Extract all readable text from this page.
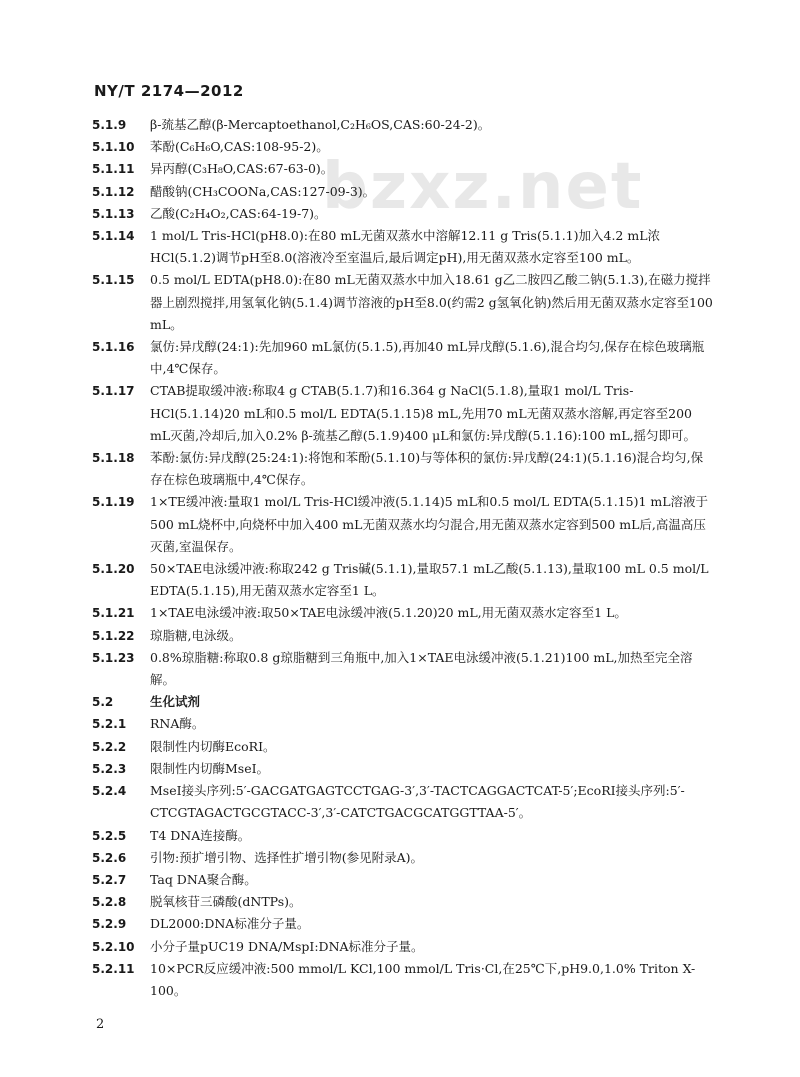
NY/T 2174—2012
bzxz.net
5.1.9	β-巯基乙醇(β-Mercaptoethanol,C₂H₆OS,CAS:60-24-2)。
5.1.10	苯酚(C₆H₆O,CAS:108-95-2)。
5.1.11	异丙醇(C₃H₈O,CAS:67-63-0)。
5.1.12	醋酸钠(CH₃COONa,CAS:127-09-3)。
5.1.13	乙酸(C₂H₄O₂,CAS:64-19-7)。
5.1.14	1 mol/L Tris-HCl(pH8.0):在80 mL无菌双蒸水中溶解12.11 g Tris(5.1.1)加入4.2 mL浓HCl(5.1.2)调节pH至8.0(溶液冷至室温后,最后调定pH),用无菌双蒸水定容至100 mL。
5.1.15	0.5 mol/L EDTA(pH8.0):在80 mL无菌双蒸水中加入18.61 g乙二胺四乙酸二钠(5.1.3),在磁力搅拌器上剧烈搅拌,用氢氧化钠(5.1.4)调节溶液的pH至8.0(约需2 g氢氧化钠)然后用无菌双蒸水定容至100 mL。
5.1.16	氯仿:异戊醇(24:1):先加960 mL氯仿(5.1.5),再加40 mL异戊醇(5.1.6),混合均匀,保存在棕色玻璃瓶中,4℃保存。
5.1.17	CTAB提取缓冲液:称取4 g CTAB(5.1.7)和16.364 g NaCl(5.1.8),量取1 mol/L Tris-HCl(5.1.14)20 mL和0.5 mol/L EDTA(5.1.15)8 mL,先用70 mL无菌双蒸水溶解,再定容至200 mL灭菌,冷却后,加入0.2% β-巯基乙醇(5.1.9)400 μL和氯仿:异戊醇(5.1.16):100 mL,摇匀即可。
5.1.18	苯酚:氯仿:异戊醇(25:24:1):将饱和苯酚(5.1.10)与等体积的氯仿:异戊醇(24:1)(5.1.16)混合均匀,保存在棕色玻璃瓶中,4℃保存。
5.1.19	1×TE缓冲液:量取1 mol/L Tris-HCl缓冲液(5.1.14)5 mL和0.5 mol/L EDTA(5.1.15)1 mL溶液于500 mL烧杯中,向烧杯中加入400 mL无菌双蒸水均匀混合,用无菌双蒸水定容到500 mL后,高温高压灭菌,室温保存。
5.1.20	50×TAE电泳缓冲液:称取242 g Tris碱(5.1.1),量取57.1 mL乙酸(5.1.13),量取100 mL 0.5 mol/L EDTA(5.1.15),用无菌双蒸水定容至1 L。
5.1.21	1×TAE电泳缓冲液:取50×TAE电泳缓冲液(5.1.20)20 mL,用无菌双蒸水定容至1 L。
5.1.22	琼脂糖,电泳级。
5.1.23	0.8%琼脂糖:称取0.8 g琼脂糖到三角瓶中,加入1×TAE电泳缓冲液(5.1.21)100 mL,加热至完全溶解。
5.2	生化试剂
5.2.1	RNA酶。
5.2.2	限制性内切酶EcoRI。
5.2.3	限制性内切酶MseI。
5.2.4	MseI接头序列:5′-GACGATGAGTCCTGAG-3′,3′-TACTCAGGACTCAT-5′;EcoRI接头序列:5′-CTCGTAGACTGCGTACC-3′,3′-CATCTGACGCATGGTTAA-5′。
5.2.5	T4 DNA连接酶。
5.2.6	引物:预扩增引物、选择性扩增引物(参见附录A)。
5.2.7	Taq DNA聚合酶。
5.2.8	脱氧核苷三磷酸(dNTPs)。
5.2.9	DL2000:DNA标准分子量。
5.2.10	小分子量pUC19 DNA/MspI:DNA标准分子量。
5.2.11	10×PCR反应缓冲液:500 mmol/L KCl,100 mmol/L Tris·Cl,在25℃下,pH9.0,1.0% Triton X-100。
2
